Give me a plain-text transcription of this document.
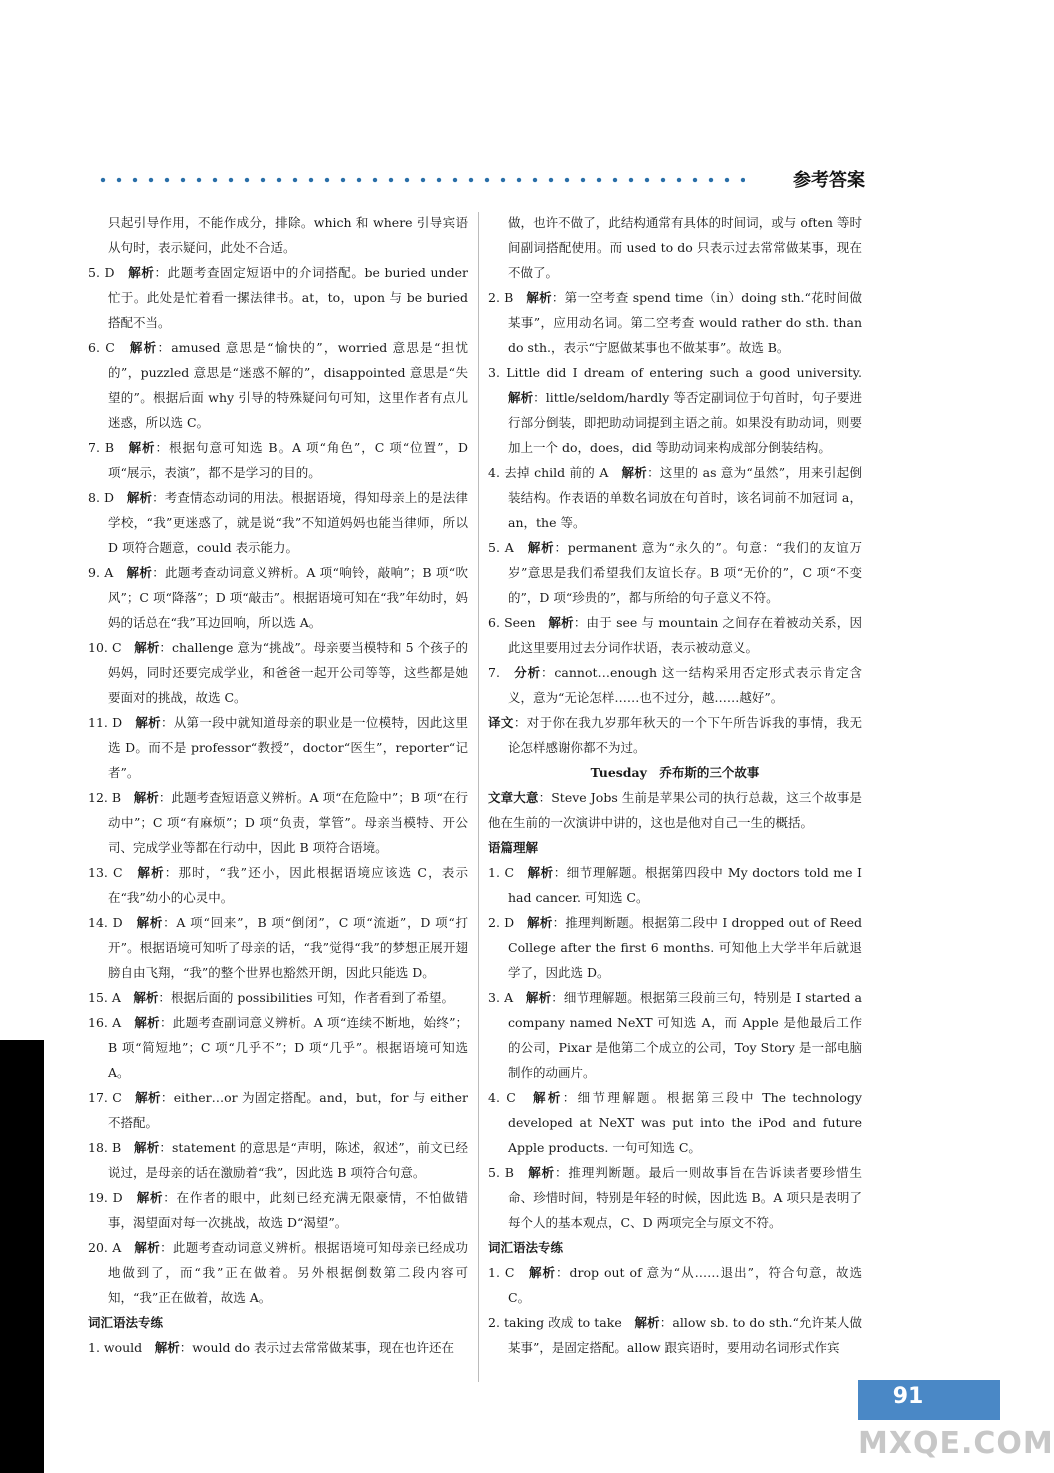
参考答案

只起引导作用，不能作成分，排除。which 和 where 引导宾语从句时，表示疑问，此处不合适。

5. D　 解析：此题考查固定短语中的介词搭配。be buried under 忙于。此处是忙着看一摞法律书。at，to，upon 与 be buried 搭配不当。

6. C　 解析：amused 意思是“愉快的”，worried 意思是“担忧的”，puzzled 意思是“迷惑不解的”，disappointed 意思是“失望的”。根据后面 why 引导的特殊疑问句可知，这里作者有点儿迷惑，所以选 C。

7. B　 解析：根据句意可知选 B。A 项“角色”，C 项“位置”，D 项“展示，表演”，都不是学习的目的。

8. D　 解析：考查情态动词的用法。根据语境，得知母亲上的是法律学校，“我”更迷惑了，就是说“我”不知道妈妈也能当律师，所以 D 项符合题意，could 表示能力。

9. A　 解析：此题考查动词意义辨析。A 项“响铃，敲响”；B 项“吹风”；C 项“降落”；D 项“敲击”。根据语境可知在“我”年幼时，妈妈的话总在“我”耳边回响，所以选 A。

10. C　 解析：challenge 意为“挑战”。母亲要当模特和 5 个孩子的妈妈，同时还要完成学业，和爸爸一起开公司等等，这些都是她要面对的挑战，故选 C。

11. D　 解析：从第一段中就知道母亲的职业是一位模特，因此这里选 D。而不是 professor“教授”，doctor“医生”，reporter“记者”。

12. B　 解析：此题考查短语意义辨析。A 项“在危险中”；B 项“在行动中”；C 项“有麻烦”；D 项“负责，掌管”。母亲当模特、开公司、完成学业等都在行动中，因此 B 项符合语境。

13. C　 解析：那时，“我”还小，因此根据语境应该选 C，表示在“我”幼小的心灵中。

14. D　 解析：A 项“回来”，B 项“倒闭”，C 项“流逝”，D 项“打开”。根据语境可知听了母亲的话，“我”觉得“我”的梦想正展开翅膀自由飞翔，“我”的整个世界也豁然开朗，因此只能选 D。

15. A　 解析：根据后面的 possibilities 可知，作者看到了希望。

16. A　 解析：此题考查副词意义辨析。A 项“连续不断地，始终”；B 项“简短地”；C 项“几乎不”；D 项“几乎”。根据语境可知选 A。

17. C　 解析：either…or 为固定搭配。and，but，for 与 either 不搭配。

18. B　 解析：statement 的意思是“声明，陈述，叙述”，前文已经说过，是母亲的话在激励着“我”，因此选 B 项符合句意。

19. D　 解析：在作者的眼中，此刻已经充满无限豪情，不怕做错事，渴望面对每一次挑战，故选 D“渴望”。

20. A　 解析：此题考查动词意义辨析。根据语境可知母亲已经成功地做到了，而“我”正在做着。另外根据倒数第二段内容可知，“我”正在做着，故选 A。

词汇语法专练

1. would　 解析：would do 表示过去常常做某事，现在也许还在

做，也许不做了，此结构通常有具体的时间词，或与 often 等时间副词搭配使用。而 used to do 只表示过去常常做某事，现在不做了。

2. B　 解析：第一空考查 spend time（in）doing sth.“花时间做某事”，应用动名词。第二空考查 would rather do sth. than do sth.，表示“宁愿做某事也不做某事”。故选 B。

3. Little did I dream of entering such a good university.　解析：little/seldom/hardly 等否定副词位于句首时，句子要进行部分倒装，即把助动词提到主语之前。如果没有助动词，则要加上一个 do，does，did 等助动词来构成部分倒装结构。

4. 去掉 child 前的 A　 解析：这里的 as 意为“虽然”，用来引起倒装结构。作表语的单数名词放在句首时，该名词前不加冠词 a，an，the 等。

5. A　 解析：permanent 意为“永久的”。句意：“我们的友谊万岁”意思是我们希望我们友谊长存。B 项“无价的”，C 项“不变的”，D 项“珍贵的”，都与所给的句子意义不符。

6. Seen　 解析：由于 see 与 mountain 之间存在着被动关系，因此这里要用过去分词作状语，表示被动意义。

7.　 分析：cannot…enough 这一结构采用否定形式表示肯定含义，意为“无论怎样……也不过分，越……越好”。

译文：对于你在我九岁那年秋天的一个下午所告诉我的事情，我无论怎样感谢你都不为过。

Tuesday　乔布斯的三个故事

文章大意：Steve Jobs 生前是苹果公司的执行总裁，这三个故事是他在生前的一次演讲中讲的，这也是他对自己一生的概括。

语篇理解

1. C　 解析：细节理解题。根据第四段中 My doctors told me I had cancer. 可知选 C。

2. D　 解析：推理判断题。根据第二段中 I dropped out of Reed College after the first 6 months. 可知他上大学半年后就退学了，因此选 D。

3. A　 解析：细节理解题。根据第三段前三句，特别是 I started a company named NeXT 可知选 A，而 Apple 是他最后工作的公司，Pixar 是他第二个成立的公司，Toy Story 是一部电脑制作的动画片。

4. C　 解析：细节理解题。根据第三段中 The technology developed at NeXT was put into the iPod and future Apple products. 一句可知选 C。

5. B　 解析：推理判断题。最后一则故事旨在告诉读者要珍惜生命、珍惜时间，特别是年轻的时候，因此选 B。A 项只是表明了每个人的基本观点，C、D 两项完全与原文不符。

词汇语法专练

1. C　 解析：drop out of 意为“从……退出”，符合句意，故选 C。

2. taking 改成 to take　 解析：allow sb. to do sth.“允许某人做某事”，是固定搭配。allow 跟宾语时，要用动名词形式作宾

91
MXQE.COM
